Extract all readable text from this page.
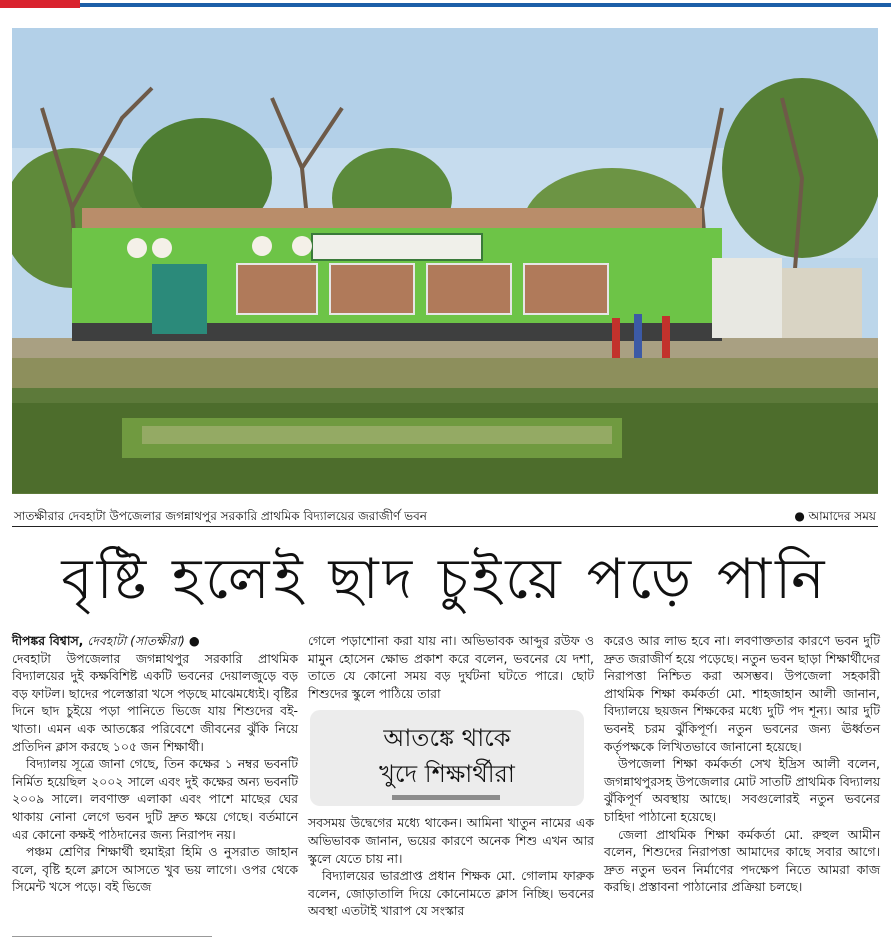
সাতক্ষীরার দেবহাটা উপজেলার জগন্নাথপুর সরকারি প্রাথমিক বিদ্যালয়ের জরাজীর্ণ ভবন	● আমাদের সময়
বৃষ্টি হলেই ছাদ চুইয়ে পড়ে পানি

দীপঙ্কর বিশ্বাস, দেবহাটা (সাতক্ষীরা) ●

দেবহাটা উপজেলার জগন্নাথপুর সরকারি প্রাথমিক বিদ্যালয়ের দুই কক্ষবিশিষ্ট একটি ভবনের দেয়ালজুড়ে বড় বড় ফাটল। ছাদের পলেস্তারা খসে পড়ছে মাঝেমধ্যেই। বৃষ্টির দিনে ছাদ চুইয়ে পড়া পানিতে ভিজে যায় শিশুদের বই-খাতা। এমন এক আতঙ্কের পরিবেশে জীবনের ঝুঁকি নিয়ে প্রতিদিন ক্লাস করছে ১০৫ জন শিক্ষার্থী।

বিদ্যালয় সূত্রে জানা গেছে, তিন কক্ষের ১ নম্বর ভবনটি নির্মিত হয়েছিল ২০০২ সালে এবং দুই কক্ষের অন্য ভবনটি ২০০৯ সালে। লবণাক্ত এলাকা এবং পাশে মাছের ঘের থাকায় নোনা লেগে ভবন দুটি দ্রুত ক্ষয়ে গেছে। বর্তমানে এর কোনো কক্ষই পাঠদানের জন্য নিরাপদ নয়।

পঞ্চম শ্রেণির শিক্ষার্থী হুমাইরা হিমি ও নুসরাত জাহান বলে, বৃষ্টি হলে ক্লাসে আসতে খুব ভয় লাগে। ওপর থেকে সিমেন্ট খসে পড়ে। বই ভিজে

গেলে পড়াশোনা করা যায় না। অভিভাবক আব্দুর রউফ ও মামুন হোসেন ক্ষোভ প্রকাশ করে বলেন, ভবনের যে দশা, তাতে যে কোনো সময় বড় দুর্ঘটনা ঘটতে পারে। ছোট শিশুদের স্কুলে পাঠিয়ে তারা

আতঙ্কে থাকে
খুদে শিক্ষার্থীরা

সবসময় উদ্বেগের মধ্যে থাকেন। আমিনা খাতুন নামের এক অভিভাবক জানান, ভয়ের কারণে অনেক শিশু এখন আর স্কুলে যেতে চায় না।

বিদ্যালয়ের ভারপ্রাপ্ত প্রধান শিক্ষক মো. গোলাম ফারুক বলেন, জোড়াতালি দিয়ে কোনোমতে ক্লাস নিচ্ছি। ভবনের অবস্থা এতটাই খারাপ যে সংস্কার

করেও আর লাভ হবে না। লবণাক্ততার কারণে ভবন দুটি দ্রুত জরাজীর্ণ হয়ে পড়েছে। নতুন ভবন ছাড়া শিক্ষার্থীদের নিরাপত্তা নিশ্চিত করা অসম্ভব। উপজেলা সহকারী প্রাথমিক শিক্ষা কর্মকর্তা মো. শাহজাহান আলী জানান, বিদ্যালয়ে ছয়জন শিক্ষকের মধ্যে দুটি পদ শূন্য। আর দুটি ভবনই চরম ঝুঁকিপূর্ণ। নতুন ভবনের জন্য ঊর্ধ্বতন কর্তৃপক্ষকে লিখিতভাবে জানানো হয়েছে।

উপজেলা শিক্ষা কর্মকর্তা সেখ ইদ্রিস আলী বলেন, জগন্নাথপুরসহ উপজেলার মোট সাতটি প্রাথমিক বিদ্যালয় ঝুঁকিপূর্ণ অবস্থায় আছে। সবগুলোরই নতুন ভবনের চাহিদা পাঠানো হয়েছে।

জেলা প্রাথমিক শিক্ষা কর্মকর্তা মো. রুহুল আমীন বলেন, শিশুদের নিরাপত্তা আমাদের কাছে সবার আগে। দ্রুত নতুন ভবন নির্মাণের পদক্ষেপ নিতে আমরা কাজ করছি। প্রস্তাবনা পাঠানোর প্রক্রিয়া চলছে।
